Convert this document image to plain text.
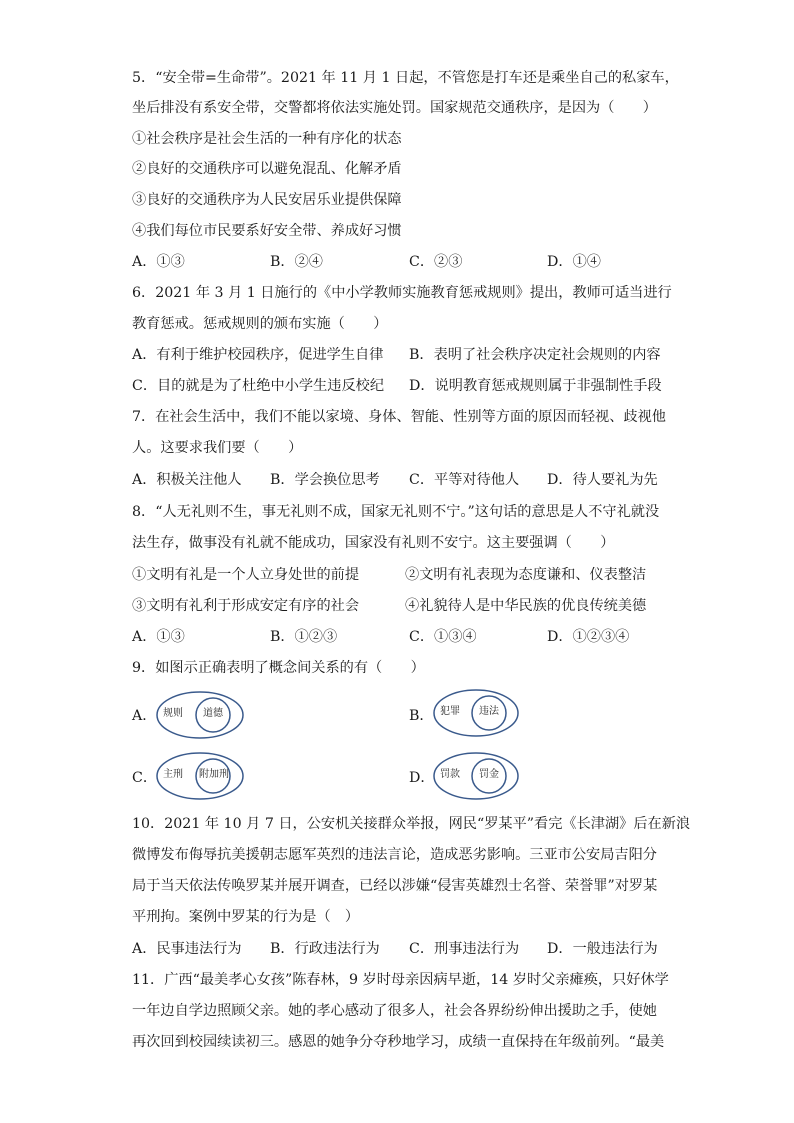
5．“安全带=生命带”。2021 年 11 月 1 日起，不管您是打车还是乘坐自己的私家车，
坐后排没有系安全带，交警都将依法实施处罚。国家规范交通秩序，是因为（　　）
①社会秩序是社会生活的一种有序化的状态
②良好的交通秩序可以避免混乱、化解矛盾
③良好的交通秩序为人民安居乐业提供保障
④我们每位市民要系好安全带、养成好习惯
A．①③	B．②④	C．②③	D．①④
6．2021 年 3 月 1 日施行的《中小学教师实施教育惩戒规则》提出，教师可适当进行
教育惩戒。惩戒规则的颁布实施（　　）
A．有利于维护校园秩序，促进学生自律 B．表明了社会秩序决定社会规则的内容
C．目的就是为了杜绝中小学生违反校纪 D．说明教育惩戒规则属于非强制性手段
7．在社会生活中，我们不能以家境、身体、智能、性别等方面的原因而轻视、歧视他
人。这要求我们要（　　）
A．积极关注他人 B．学会换位思考 C．平等对待他人 D．待人要礼为先
8．“人无礼则不生，事无礼则不成，国家无礼则不宁。”这句话的意思是人不守礼就没
法生存，做事没有礼就不能成功，国家没有礼则不安宁。这主要强调（　　）
①文明有礼是一个人立身处世的前提	②文明有礼表现为态度谦和、仪表整洁
③文明有礼利于形成安定有序的社会	④礼貌待人是中华民族的优良传统美德
A．①③	B．①②③	C．①③④	D．①②③④
9．如图示正确表明了概念间关系的有（　　）
A． 规则 道德	B． 犯罪 违法
C． 主刑 附加刑	D． 罚款 罚金
10．2021 年 10 月 7 日，公安机关接群众举报，网民“罗某平”看完《长津湖》后在新浪
微博发布侮辱抗美援朝志愿军英烈的违法言论，造成恶劣影响。三亚市公安局吉阳分
局于当天依法传唤罗某并展开调查，已经以涉嫌“侵害英雄烈士名誉、荣誉罪”对罗某
平刑拘。案例中罗某的行为是（　）
A．民事违法行为 B．行政违法行为 C．刑事违法行为 D．一般违法行为
11．广西“最美孝心女孩”陈春林，9 岁时母亲因病早逝，14 岁时父亲瘫痪，只好休学
一年边自学边照顾父亲。她的孝心感动了很多人，社会各界纷纷伸出援助之手，使她
再次回到校园续读初三。感恩的她争分夺秒地学习，成绩一直保持在年级前列。“最美
